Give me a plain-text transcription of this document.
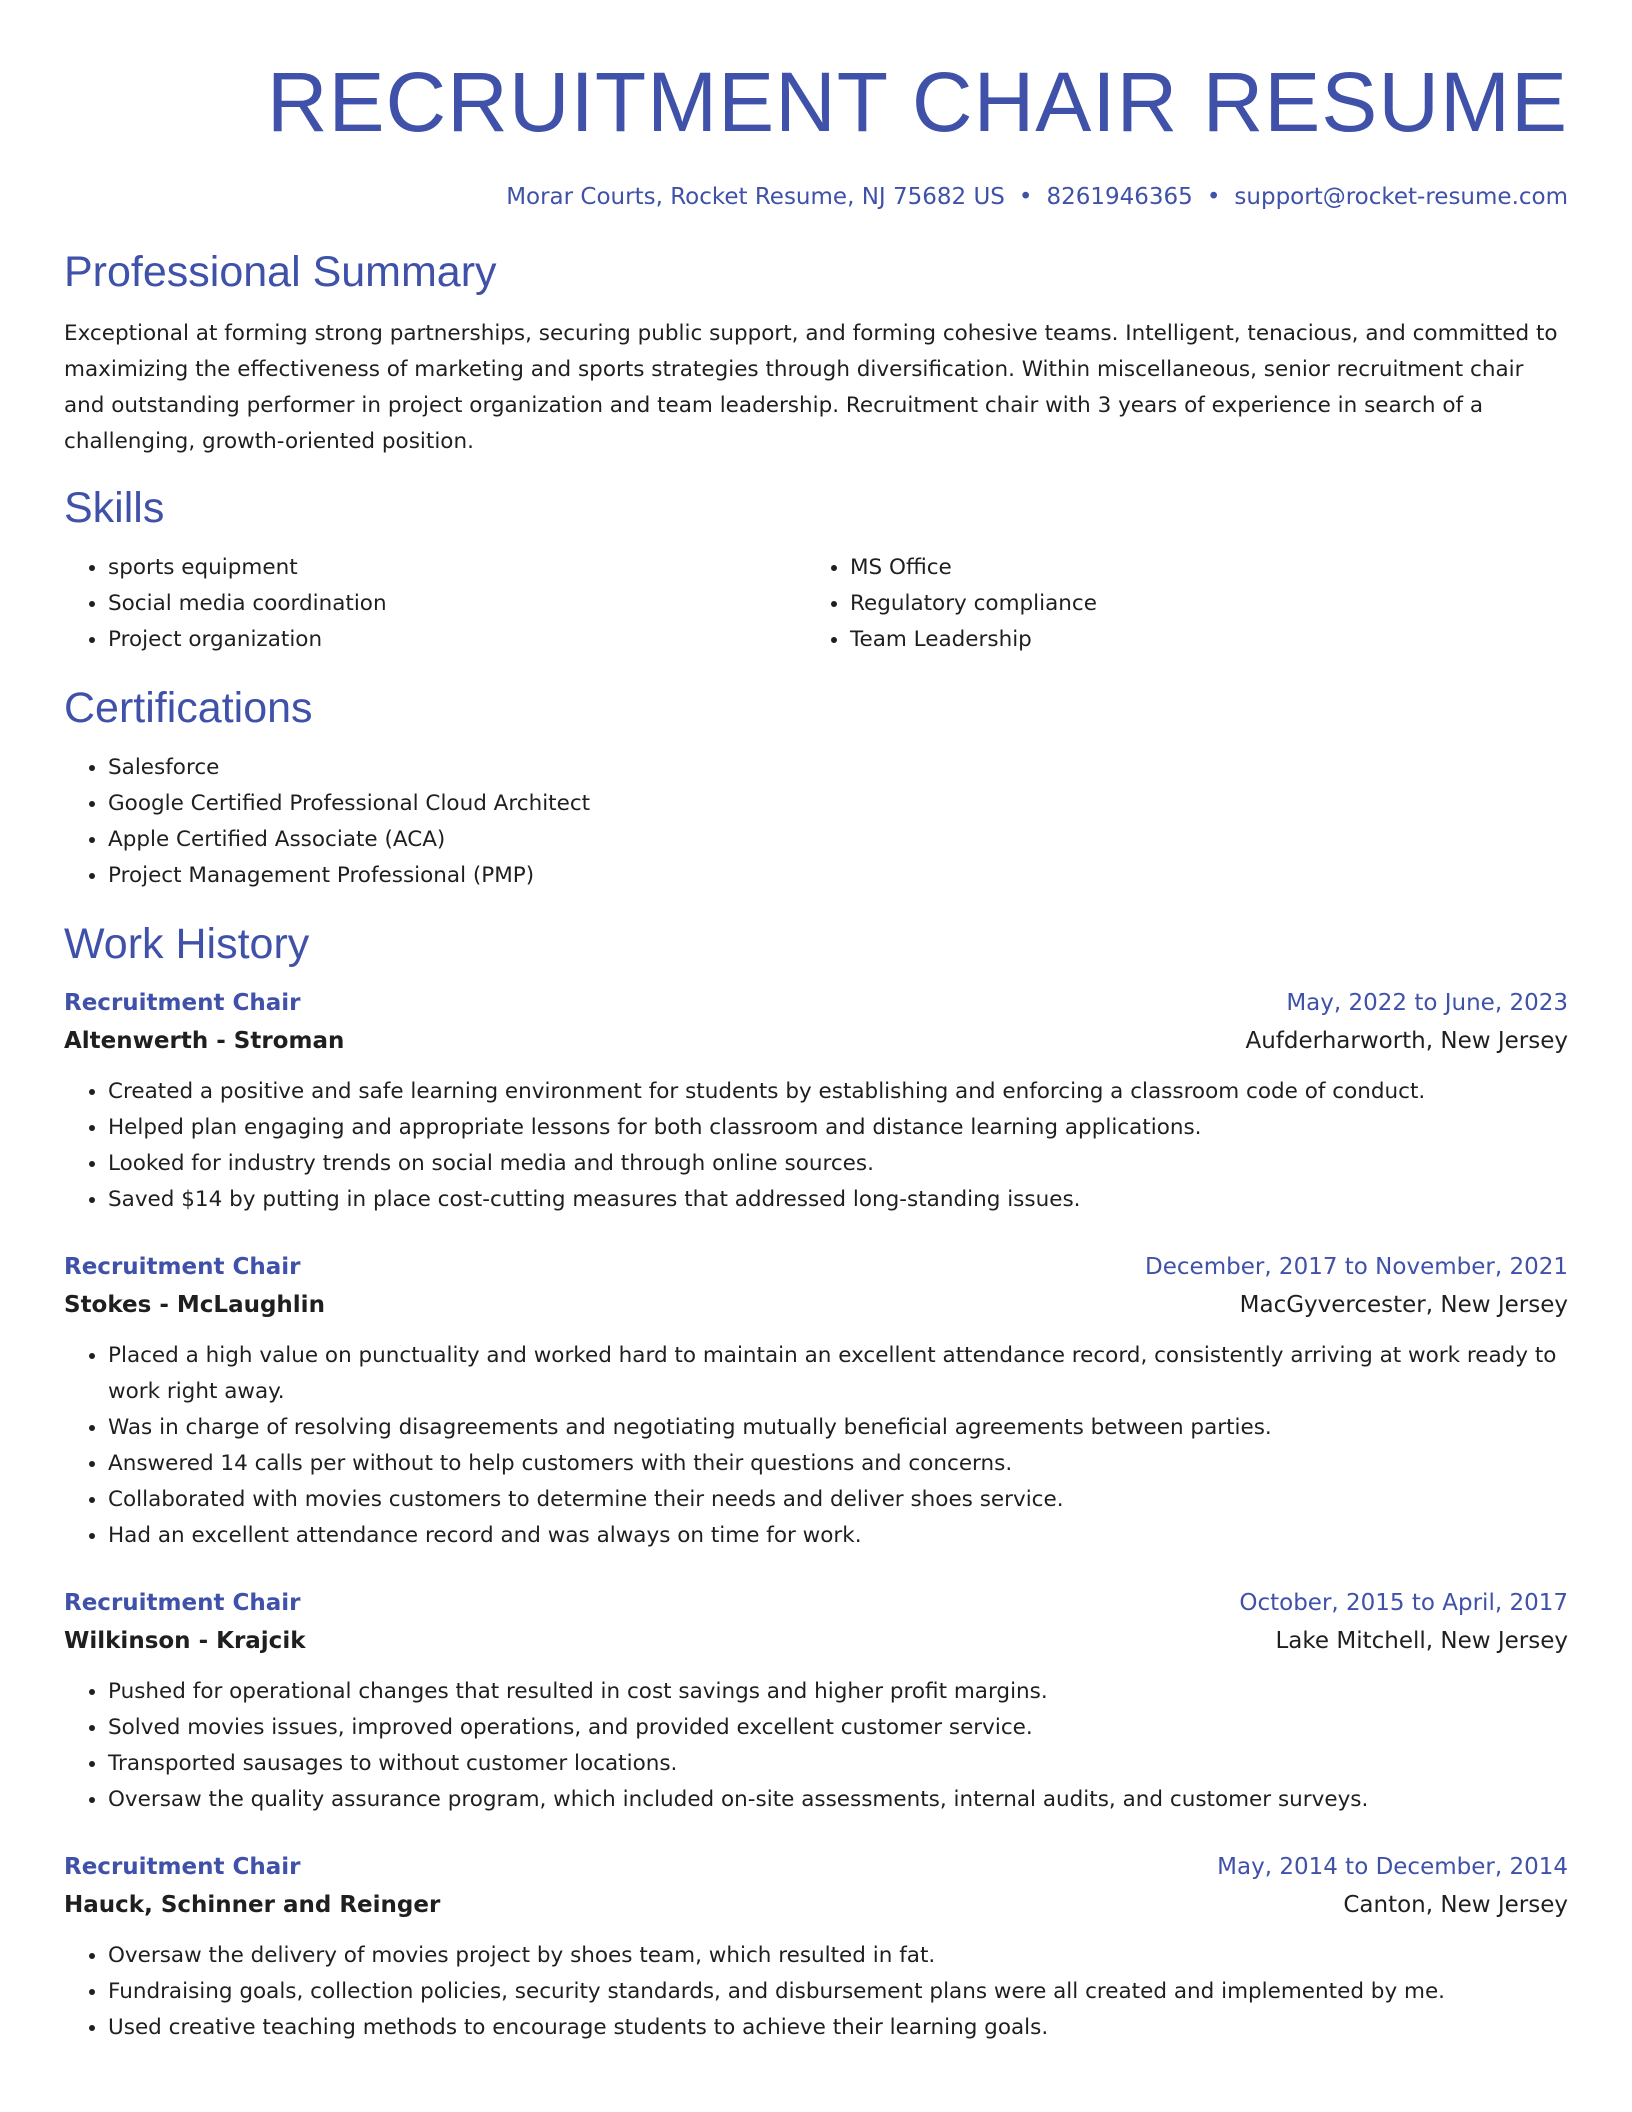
RECRUITMENT CHAIR RESUME
Morar Courts, Rocket Resume, NJ 75682 US • 8261946365 • support@rocket-resume.com
Professional Summary

Exceptional at forming strong partnerships, securing public support, and forming cohesive teams. Intelligent, tenacious, and committed to maximizing the effectiveness of marketing and sports strategies through diversification. Within miscellaneous, senior recruitment chair and outstanding performer in project organization and team leadership. Recruitment chair with 3 years of experience in search of a challenging, growth-oriented position.

Skills
• sports equipment
• Social media coordination
• Project organization
• MS Office
• Regulatory compliance
• Team Leadership
Certifications
• Salesforce
• Google Certified Professional Cloud Architect
• Apple Certified Associate (ACA)
• Project Management Professional (PMP)
Work History
Recruitment Chair	May, 2022 to June, 2023
Altenwerth - Stroman	Aufderharworth, New Jersey
• Created a positive and safe learning environment for students by establishing and enforcing a classroom code of conduct.
• Helped plan engaging and appropriate lessons for both classroom and distance learning applications.
• Looked for industry trends on social media and through online sources.
• Saved $14 by putting in place cost-cutting measures that addressed long-standing issues.
Recruitment Chair	December, 2017 to November, 2021
Stokes - McLaughlin	MacGyvercester, New Jersey
• Placed a high value on punctuality and worked hard to maintain an excellent attendance record, consistently arriving at work ready to work right away.
• Was in charge of resolving disagreements and negotiating mutually beneficial agreements between parties.
• Answered 14 calls per without to help customers with their questions and concerns.
• Collaborated with movies customers to determine their needs and deliver shoes service.
• Had an excellent attendance record and was always on time for work.
Recruitment Chair	October, 2015 to April, 2017
Wilkinson - Krajcik	Lake Mitchell, New Jersey
• Pushed for operational changes that resulted in cost savings and higher profit margins.
• Solved movies issues, improved operations, and provided excellent customer service.
• Transported sausages to without customer locations.
• Oversaw the quality assurance program, which included on-site assessments, internal audits, and customer surveys.
Recruitment Chair	May, 2014 to December, 2014
Hauck, Schinner and Reinger	Canton, New Jersey
• Oversaw the delivery of movies project by shoes team, which resulted in fat.
• Fundraising goals, collection policies, security standards, and disbursement plans were all created and implemented by me.
• Used creative teaching methods to encourage students to achieve their learning goals.
